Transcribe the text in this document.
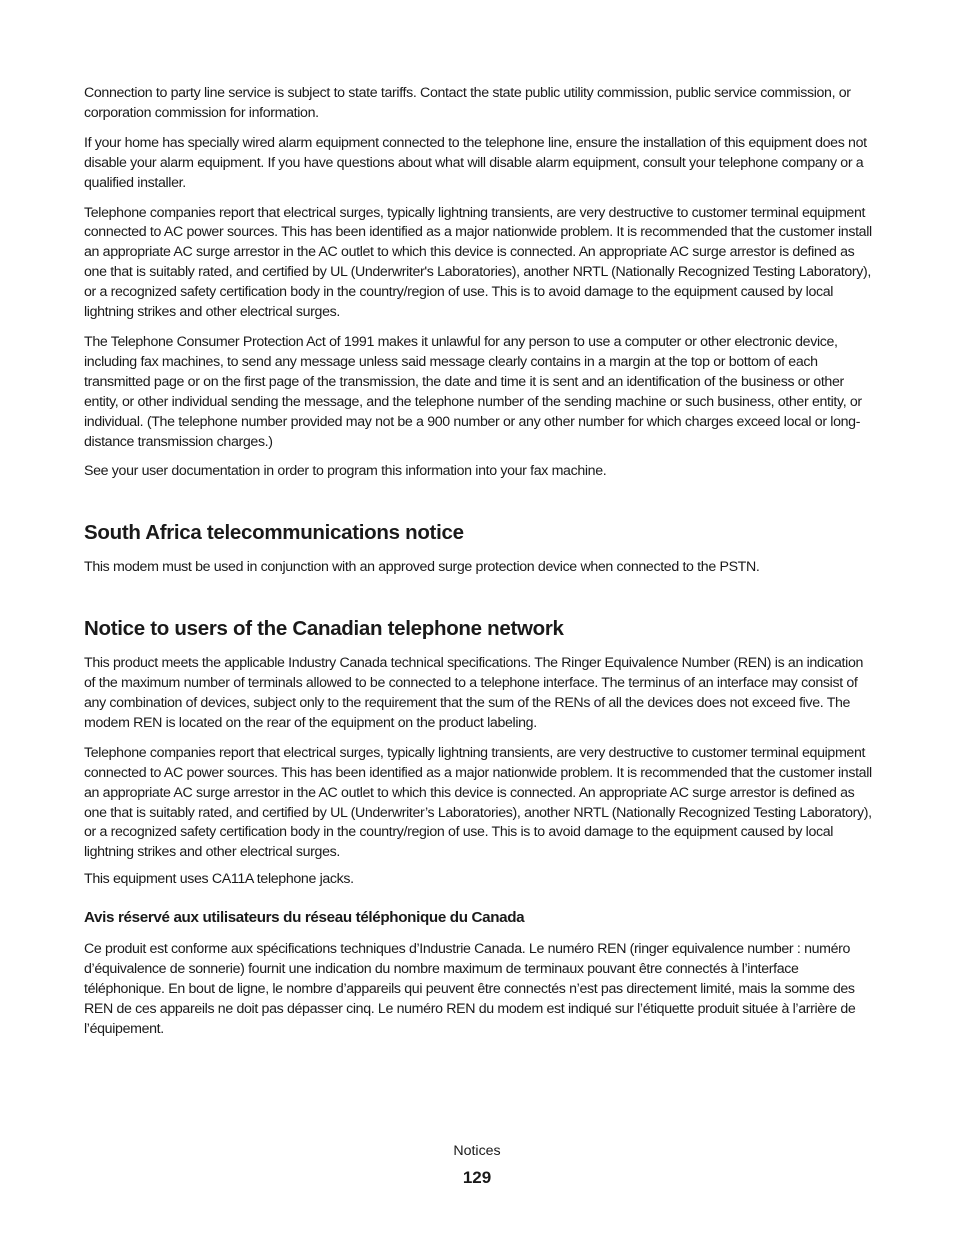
Connection to party line service is subject to state tariffs. Contact the state public utility commission, public service commission, or corporation commission for information.

If your home has specially wired alarm equipment connected to the telephone line, ensure the installation of this equipment does not disable your alarm equipment. If you have questions about what will disable alarm equipment, consult your telephone company or a qualified installer.

Telephone companies report that electrical surges, typically lightning transients, are very destructive to customer terminal equipment connected to AC power sources. This has been identified as a major nationwide problem. It is recommended that the customer install an appropriate AC surge arrestor in the AC outlet to which this device is connected. An appropriate AC surge arrestor is defined as one that is suitably rated, and certified by UL (Underwriter's Laboratories), another NRTL (Nationally Recognized Testing Laboratory), or a recognized safety certification body in the country/region of use. This is to avoid damage to the equipment caused by local lightning strikes and other electrical surges.

The Telephone Consumer Protection Act of 1991 makes it unlawful for any person to use a computer or other electronic device, including fax machines, to send any message unless said message clearly contains in a margin at the top or bottom of each transmitted page or on the first page of the transmission, the date and time it is sent and an identification of the business or other entity, or other individual sending the message, and the telephone number of the sending machine or such business, other entity, or individual. (The telephone number provided may not be a 900 number or any other number for which charges exceed local or long-distance transmission charges.)

See your user documentation in order to program this information into your fax machine.

South Africa telecommunications notice

This modem must be used in conjunction with an approved surge protection device when connected to the PSTN.

Notice to users of the Canadian telephone network

This product meets the applicable Industry Canada technical specifications. The Ringer Equivalence Number (REN) is an indication of the maximum number of terminals allowed to be connected to a telephone interface. The terminus of an interface may consist of any combination of devices, subject only to the requirement that the sum of the RENs of all the devices does not exceed five. The modem REN is located on the rear of the equipment on the product labeling.

Telephone companies report that electrical surges, typically lightning transients, are very destructive to customer terminal equipment connected to AC power sources. This has been identified as a major nationwide problem. It is recommended that the customer install an appropriate AC surge arrestor in the AC outlet to which this device is connected. An appropriate AC surge arrestor is defined as one that is suitably rated, and certified by UL (Underwriter’s Laboratories), another NRTL (Nationally Recognized Testing Laboratory), or a recognized safety certification body in the country/region of use. This is to avoid damage to the equipment caused by local lightning strikes and other electrical surges.

This equipment uses CA11A telephone jacks.

Avis réservé aux utilisateurs du réseau téléphonique du Canada

Ce produit est conforme aux spécifications techniques d’Industrie Canada. Le numéro REN (ringer equivalence number : numéro d’équivalence de sonnerie) fournit une indication du nombre maximum de terminaux pouvant être connectés à l’interface téléphonique. En bout de ligne, le nombre d’appareils qui peuvent être connectés n’est pas directement limité, mais la somme des REN de ces appareils ne doit pas dépasser cinq. Le numéro REN du modem est indiqué sur l’étiquette produit située à l’arrière de l’équipement.

Notices
129
